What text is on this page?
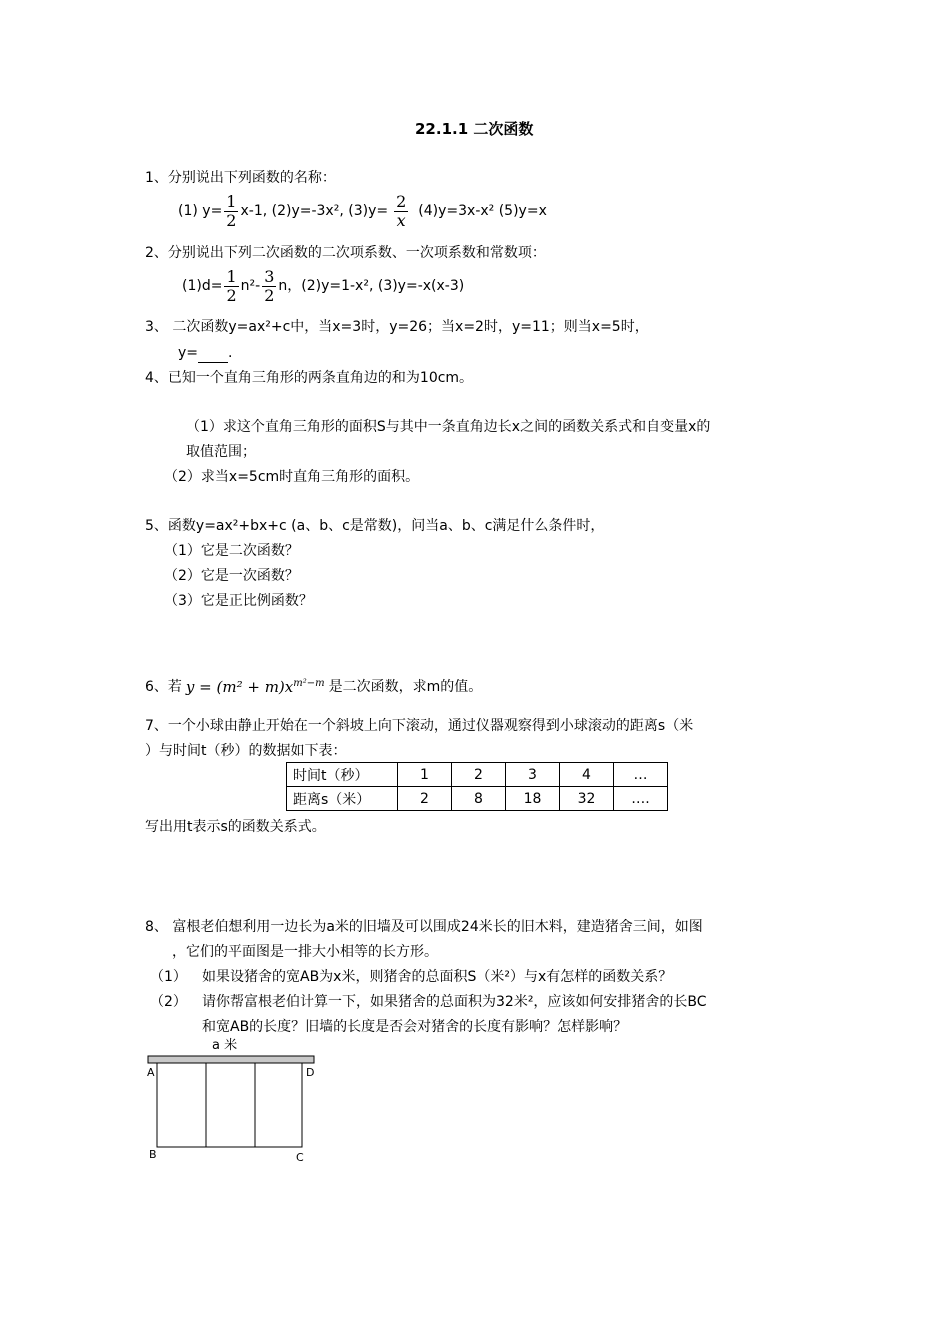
22.1.1 二次函数
1、分别说出下列函数的名称：
(1) $y= \frac{1}{2} x-1$, (2)y=-3x², $(3)y= \frac{2}{x} (4)y=3x-x^2$ (5)y=x
2、分别说出下列二次函数的二次项系数、一次项系数和常数项：
$(1)d= \frac{1}{2} n^2- \frac{3}{2}$ n，(2)y=1-x², (3)y=-x(x-3)
3、 二次函数y=ax²+c中，当x=3时，y=26；当x=2时，y=11；则当x=5时，
y= .
4、已知一个直角三角形的两条直角边的和为10cm。
（1）求这个直角三角形的面积S与其中一条直角边长x之间的函数关系式和自变量x的
取值范围；
（2）求当x=5cm时直角三角形的面积。
5、函数y=ax²+bx+c (a、b、c是常数)，问当a、b、c满足什么条件时，
（1）它是二次函数？
（2）它是一次函数？
（3）它是正比例函数？
6、若 $y = (m^2 + m)x^{m^2-m}$ 是二次函数，求m的值。
7、一个小球由静止开始在一个斜坡上向下滚动，通过仪器观察得到小球滚动的距离s（米
）与时间t（秒）的数据如下表：
时间t（秒）	1	2	3	4	…
距离s（米）	2	8	18	32	….
写出用t表示s的函数关系式。
8、 富根老伯想利用一边长为a米的旧墙及可以围成24米长的旧木料，建造猪舍三间，如图
，它们的平面图是一排大小相等的长方形。
（1） 如果设猪舍的宽AB为x米，则猪舍的总面积S（米²）与x有怎样的函数关系？
（2） 请你帮富根老伯计算一下，如果猪舍的总面积为32米²，应该如何安排猪舍的长BC
和宽AB的长度？旧墙的长度是否会对猪舍的长度有影响？怎样影响？
a 米
A	D
B	C
